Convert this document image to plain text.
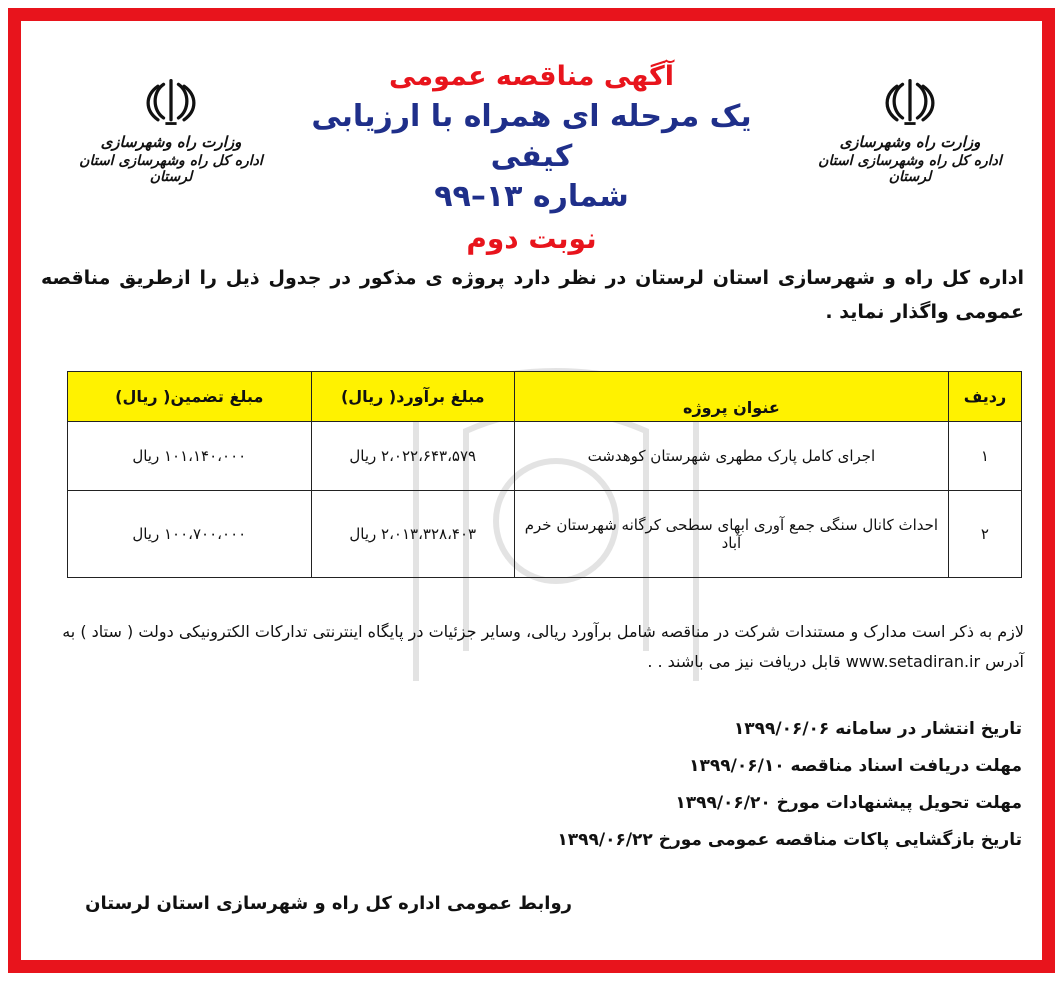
وزارت راه وشهرسازی
اداره کل راه وشهرسازی استان لرستان
وزارت راه وشهرسازی
اداره کل راه وشهرسازی استان لرستان
آگهی مناقصه عمومی
یک مرحله ای همراه با ارزیابی کیفی
شماره ۱۳–۹۹
نوبت دوم
اداره کل راه و شهرسازی استان لرستان در نظر دارد پروژه ی مذکور در جدول ذیل را ازطریق مناقصه عمومی واگذار نماید .
ردیف	عنوان پروژه	مبلغ برآورد( ریال)	مبلغ تضمین( ریال)
۱	اجرای کامل پارک مطهری شهرستان کوهدشت	۲،۰۲۲،۶۴۳،۵۷۹ ریال	۱۰۱،۱۴۰،۰۰۰ ریال
۲	احداث کانال سنگی جمع آوری ابهای سطحی کرگانه شهرستان خرم آباد	۲،۰۱۳،۳۲۸،۴۰۳ ریال	۱۰۰،۷۰۰،۰۰۰ ریال
لازم به ذکر است مدارک و مستندات شرکت در مناقصه شامل برآورد ریالی، وسایر جزئیات در پایگاه اینترنتی تدارکات الکترونیکی دولت ( ستاد ) به آدرس www.setadiran.ir قابل دریافت نیز می باشند . .
تاریخ انتشار در سامانه ۱۳۹۹/۰۶/۰۶
مهلت دریافت اسناد مناقصه ۱۳۹۹/۰۶/۱۰
مهلت تحویل پیشنهادات مورخ ۱۳۹۹/۰۶/۲۰
تاریخ بازگشایی پاکات مناقصه عمومی مورخ ۱۳۹۹/۰۶/۲۲
روابط عمومی اداره کل راه و شهرسازی استان لرستان
